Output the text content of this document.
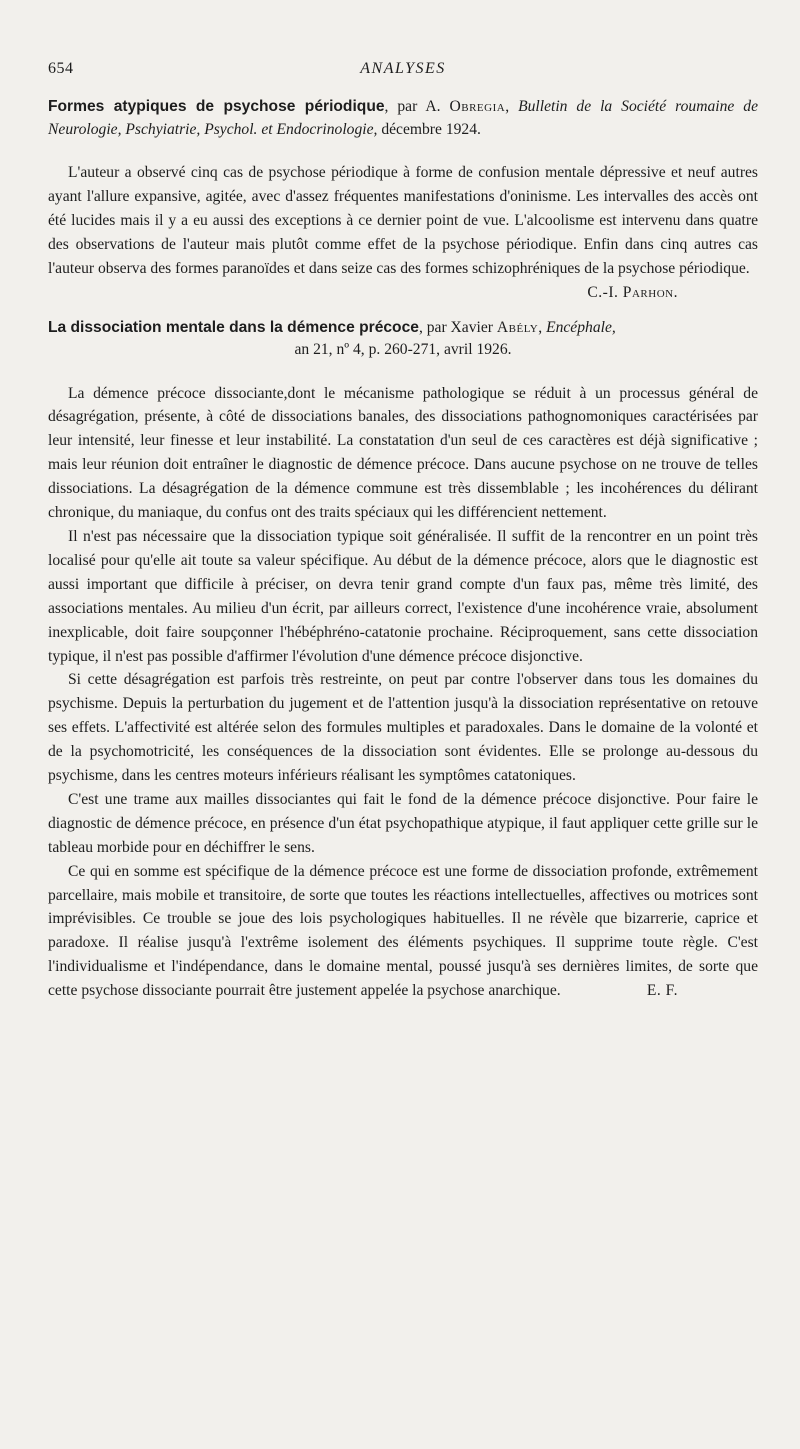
654	ANALYSES

Formes atypiques de psychose périodique, par A. Obregia, Bulletin de la Société roumaine de Neurologie, Pschyiatrie, Psychol. et Endocrinologie, décembre 1924.

L'auteur a observé cinq cas de psychose périodique à forme de confusion mentale dépressive et neuf autres ayant l'allure expansive, agitée, avec d'assez fréquentes manifestations d'oninisme. Les intervalles des accès ont été lucides mais il y a eu aussi des exceptions à ce dernier point de vue. L'alcoolisme est intervenu dans quatre des observations de l'auteur mais plutôt comme effet de la psychose périodique. Enfin dans cinq autres cas l'auteur observa des formes paranoïdes et dans seize cas des formes schizophréniques de la psychose périodique.
C.-I. Parhon.

La dissociation mentale dans la démence précoce, par Xavier Abély, Encéphale,

an 21, nº 4, p. 260-271, avril 1926.

La démence précoce dissociante,dont le mécanisme pathologique se réduit à un processus général de désagrégation, présente, à côté de dissociations banales, des dissociations pathognomoniques caractérisées par leur intensité, leur finesse et leur instabilité. La constatation d'un seul de ces caractères est déjà significative ; mais leur réunion doit entraîner le diagnostic de démence précoce. Dans aucune psychose on ne trouve de telles dissociations. La désagrégation de la démence commune est très dissemblable ; les incohérences du délirant chronique, du maniaque, du confus ont des traits spéciaux qui les différencient nettement.

Il n'est pas nécessaire que la dissociation typique soit généralisée. Il suffit de la rencontrer en un point très localisé pour qu'elle ait toute sa valeur spécifique. Au début de la démence précoce, alors que le diagnostic est aussi important que difficile à préciser, on devra tenir grand compte d'un faux pas, même très limité, des associations mentales. Au milieu d'un écrit, par ailleurs correct, l'existence d'une incohérence vraie, absolument inexplicable, doit faire soupçonner l'hébéphréno-catatonie prochaine. Réciproquement, sans cette dissociation typique, il n'est pas possible d'affirmer l'évolution d'une démence précoce disjonctive.

Si cette désagrégation est parfois très restreinte, on peut par contre l'observer dans tous les domaines du psychisme. Depuis la perturbation du jugement et de l'attention jusqu'à la dissociation représentative on retouve ses effets. L'affectivité est altérée selon des formules multiples et paradoxales. Dans le domaine de la volonté et de la psychomotricité, les conséquences de la dissociation sont évidentes. Elle se prolonge au-dessous du psychisme, dans les centres moteurs inférieurs réalisant les symptômes catatoniques.

C'est une trame aux mailles dissociantes qui fait le fond de la démence précoce disjonctive. Pour faire le diagnostic de démence précoce, en présence d'un état psychopathique atypique, il faut appliquer cette grille sur le tableau morbide pour en déchiffrer le sens.

Ce qui en somme est spécifique de la démence précoce est une forme de dissociation profonde, extrêmement parcellaire, mais mobile et transitoire, de sorte que toutes les réactions intellectuelles, affectives ou motrices sont imprévisibles. Ce trouble se joue des lois psychologiques habituelles. Il ne révèle que bizarrerie, caprice et paradoxe. Il réalise jusqu'à l'extrême isolement des éléments psychiques. Il supprime toute règle. C'est l'individualisme et l'indépendance, dans le domaine mental, poussé jusqu'à ses dernières limites, de sorte que cette psychose dissociante pourrait être justement appelée la psychose anarchique.	E. F.
